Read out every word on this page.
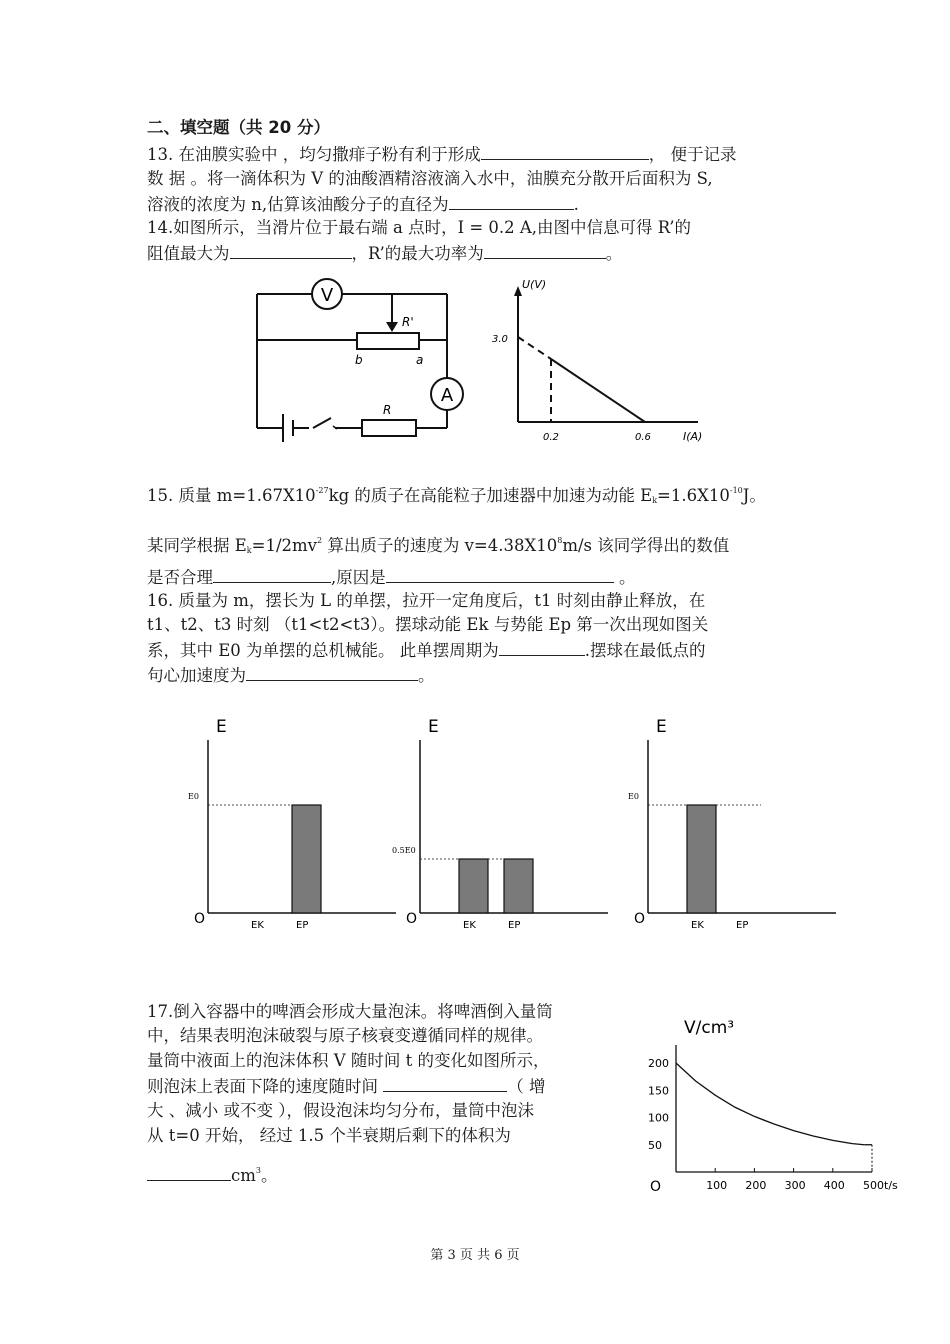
二、填空题（共 20 分）
13. 在油膜实验中 ，均匀撒痱子粉有利于形成	， 便于记录
数 据 。将一滴体积为 V 的油酸酒精溶液滴入水中，油膜充分散开后面积为 S,
溶液的浓度为 n,估算该油酸分子的直径为	.
14.如图所示，当滑片位于最右端 a 点时，I = 0.2 A,由图中信息可得 R’的
阻值最大为	，R’的最大功率为	。
V
A
R'
b	a
R
U(V)
3.0
0.2	0.6	I(A)
15. 质量 $m=1.67X10^{-27}kg$ 的质子在高能粒子加速器中加速为动能 $E_k=1.6X10^{-10}J$。
某同学根据 $E_k=1/2mv^2$ 算出质子的速度为 $v=4.38X10^8m/s$ 该同学得出的数值
是否合理	,原因是	。
16. 质量为 m，摆长为 L 的单摆，拉开一定角度后，t1 时刻由静止释放，在
t1、t2、t3 时刻 （t1<t2<t3）。摆球动能 Ek 与势能 Ep 第一次出现如图关
系，其中 E0 为单摆的总机械能。 此单摆周期为	.摆球在最低点的
句心加速度为	。
E
O	EK	EP
E0
E
O	EK	EP
0.5E0
E
O	EK	EP
E0
17.倒入容器中的啤酒会形成大量泡沫。将啤酒倒入量筒
中，结果表明泡沫破裂与原子核衰变遵循同样的规律。
量筒中液面上的泡沫体积 V 随时间 t 的变化如图所示，
则泡沫上表面下降的速度随时间	（ 增
大 、减小 或不变 ），假设泡沫均匀分布，量筒中泡沫
从 t=0 开始， 经过 1.5 个半衰期后剩下的体积为
$cm^3$。
V/cm³
O
200
150
100
50
100 200 300 400 500 t/s
第 3 页 共 6 页
